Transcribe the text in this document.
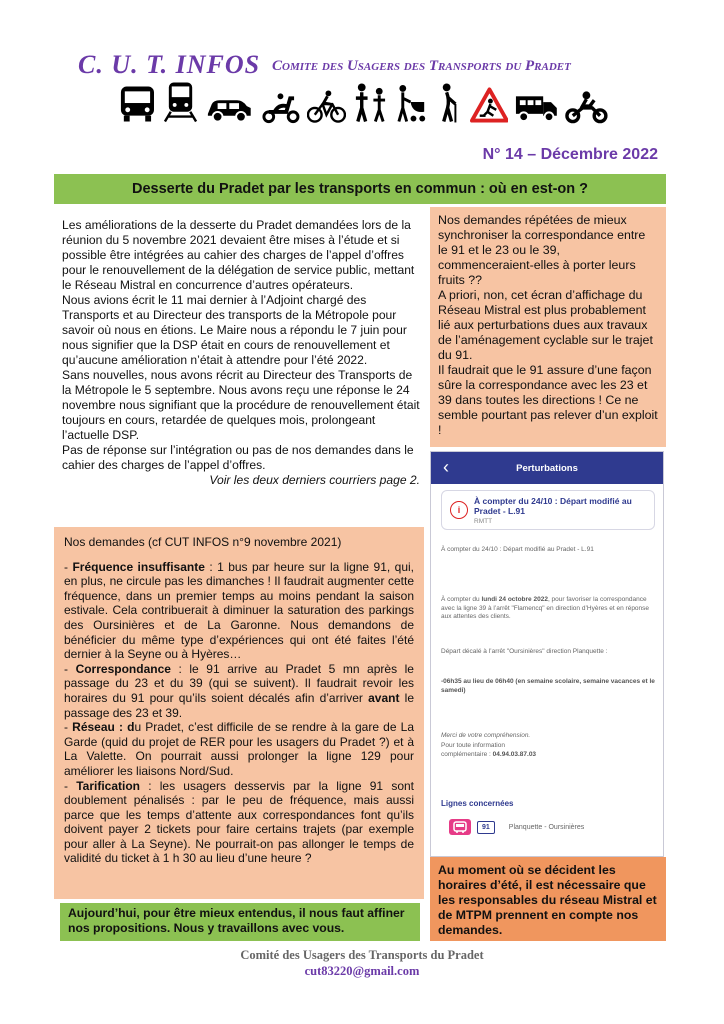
C. U. T. INFOS Comite des Usagers des Transports du Pradet
N° 14 – Décembre 2022
Desserte du Pradet par les transports en commun : où en est-on ?

Les améliorations de la desserte du Pradet demandées lors de la réunion du 5 novembre 2021 devaient être mises à l’étude et si possible être intégrées au cahier des charges de l’appel d’offres pour le renouvellement de la délégation de service public, mettant le Réseau Mistral en concurrence d’autres opérateurs.

Nous avions écrit le 11 mai dernier à l’Adjoint chargé des Transports et au Directeur des transports de la Métropole pour savoir où nous en étions. Le Maire nous a répondu le 7 juin pour nous signifier que la DSP était en cours de renouvellement et qu’aucune amélioration n’était à attendre pour l’été 2022.

Sans nouvelles, nous avons récrit au Directeur des Transports de la Métropole le 5 septembre. Nous avons reçu une réponse le 24 novembre nous signifiant que la procédure de renouvellement était toujours en cours, retardée de quelques mois, prolongeant l’actuelle DSP.

Pas de réponse sur l’intégration ou pas de nos demandes dans le cahier des charges de l’appel d’offres.

Voir les deux derniers courriers page 2.

Nos demandes répétées de mieux synchroniser la correspondance entre le 91 et le 23 ou le 39, commenceraient-elles à porter leurs fruits ??

A priori, non, cet écran d’affichage du Réseau Mistral est plus probablement lié aux perturbations dues aux travaux de l’aménagement cyclable sur le trajet du 91.

Il faudrait que le 91 assure d’une façon sûre la correspondance avec les 23 et 39 dans toutes les directions ! Ce ne semble pourtant pas relever d’un exploit !

‹	Perturbations
i
À compter du 24/10 : Départ modifié au Pradet - L.91
RMTT
À compter du 24/10 : Départ modifié au Pradet - L.91
À compter du lundi 24 octobre 2022, pour favoriser la correspondance avec la ligne 39 à l’arrêt "Flamencq" en direction d’Hyères et en réponse aux attentes des clients.
Départ décalé à l’arrêt "Oursinières" direction Planquette :
-06h35 au lieu de 06h40 (en semaine scolaire, semaine vacances et le samedi)
Merci de votre compréhension.
Pour toute information
complémentaire : 04.94.03.87.03
Lignes concernées
91	Planquette - Oursinières
Au moment où se décident les horaires d’été, il est nécessaire que les responsables du réseau Mistral et de MTPM prennent en compte nos demandes.

Nos demandes (cf CUT INFOS n°9 novembre 2021)

- Fréquence insuffisante : 1 bus par heure sur la ligne 91, qui, en plus, ne circule pas les dimanches ! Il faudrait augmenter cette fréquence, dans un premier temps au moins pendant la saison estivale. Cela contribuerait à diminuer la saturation des parkings des Oursinières et de La Garonne. Nous demandons de bénéficier du même type d’expériences qui ont été faites l’été dernier à la Seyne ou à Hyères…

- Correspondance : le 91 arrive au Pradet 5 mn après le passage du 23 et du 39 (qui se suivent). Il faudrait revoir les horaires du 91 pour qu’ils soient décalés afin d’arriver avant le passage des 23 et 39.

- Réseau : du Pradet, c’est difficile de se rendre à la gare de La Garde (quid du projet de RER pour les usagers du Pradet ?) et à La Valette. On pourrait aussi prolonger la ligne 129 pour améliorer les liaisons Nord/Sud.

- Tarification : les usagers desservis par la ligne 91 sont doublement pénalisés : par le peu de fréquence, mais aussi parce que les temps d’attente aux correspondances font qu’ils doivent payer 2 tickets pour faire certains trajets (par exemple pour aller à La Seyne). Ne pourrait-on pas allonger le temps de validité du ticket à 1 h 30 au lieu d’une heure ?

Aujourd’hui, pour être mieux entendus, il nous faut affiner nos propositions. Nous y travaillons avec vous.
Comité des Usagers des Transports du Pradet
cut83220@gmail.com
